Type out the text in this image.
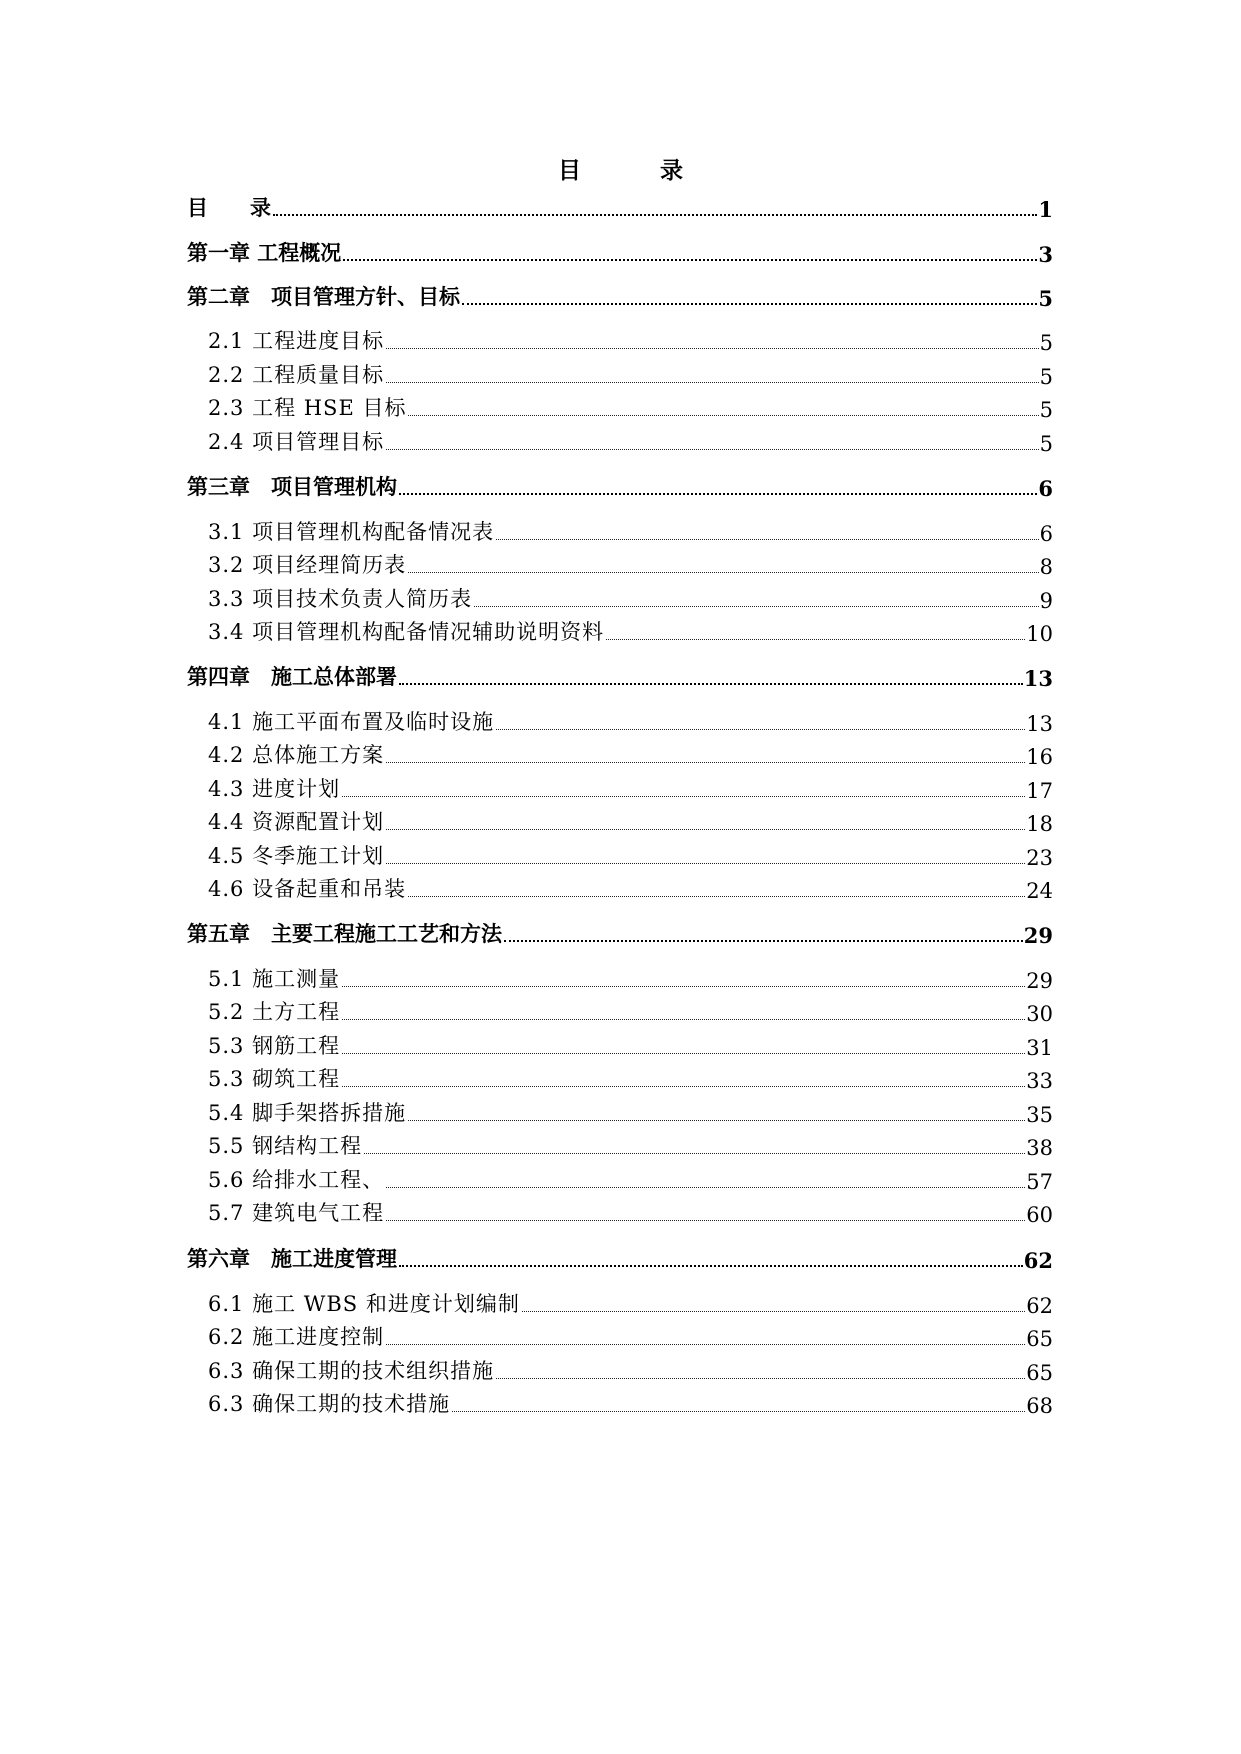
目　录
目　　录	1
第一章 工程概况	3
第二章　项目管理方针、目标	5
2.1 工程进度目标	5
2.2 工程质量目标	5
2.3 工程 HSE 目标	5
2.4 项目管理目标	5
第三章　项目管理机构	6
3.1 项目管理机构配备情况表	6
3.2 项目经理简历表	8
3.3 项目技术负责人简历表	9
3.4 项目管理机构配备情况辅助说明资料	10
第四章　施工总体部署	13
4.1 施工平面布置及临时设施	13
4.2 总体施工方案	16
4.3 进度计划	17
4.4 资源配置计划	18
4.5 冬季施工计划	23
4.6 设备起重和吊装	24
第五章　主要工程施工工艺和方法	29
5.1 施工测量	29
5.2 土方工程	30
5.3 钢筋工程	31
5.3 砌筑工程	33
5.4 脚手架搭拆措施	35
5.5 钢结构工程	38
5.6 给排水工程、	57
5.7 建筑电气工程	60
第六章　施工进度管理	62
6.1 施工 WBS 和进度计划编制	62
6.2 施工进度控制	65
6.3 确保工期的技术组织措施	65
6.3 确保工期的技术措施	68
